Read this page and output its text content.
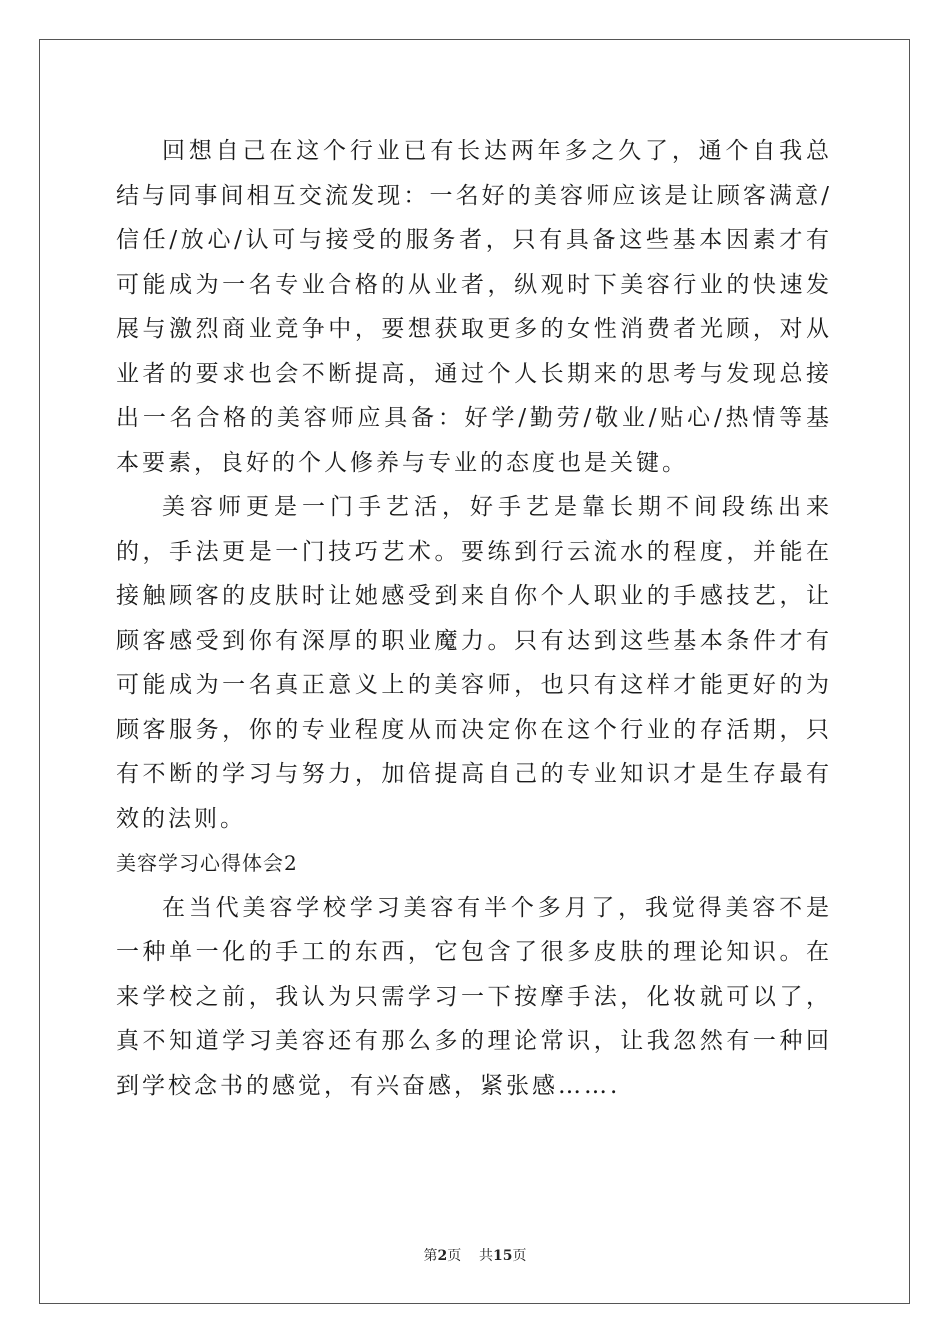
回想自己在这个行业已有长达两年多之久了，通个自我总结与同事间相互交流发现：一名好的美容师应该是让顾客满意/信任/放心/认可与接受的服务者，只有具备这些基本因素才有可能成为一名专业合格的从业者，纵观时下美容行业的快速发展与激烈商业竞争中，要想获取更多的女性消费者光顾，对从业者的要求也会不断提高，通过个人长期来的思考与发现总接出一名合格的美容师应具备：好学/勤劳/敬业/贴心/热情等基本要素，良好的个人修养与专业的态度也是关键。

美容师更是一门手艺活，好手艺是靠长期不间段练出来的，手法更是一门技巧艺术。要练到行云流水的程度，并能在接触顾客的皮肤时让她感受到来自你个人职业的手感技艺，让顾客感受到你有深厚的职业魔力。只有达到这些基本条件才有可能成为一名真正意义上的美容师，也只有这样才能更好的为顾客服务，你的专业程度从而决定你在这个行业的存活期，只有不断的学习与努力，加倍提高自己的专业知识才是生存最有效的法则。

美容学习心得体会2

在当代美容学校学习美容有半个多月了，我觉得美容不是一种单一化的手工的东西，它包含了很多皮肤的理论知识。在来学校之前，我认为只需学习一下按摩手法，化妆就可以了，真不知道学习美容还有那么多的理论常识，让我忽然有一种回到学校念书的感觉，有兴奋感，紧张感…….

第2页    共15页
